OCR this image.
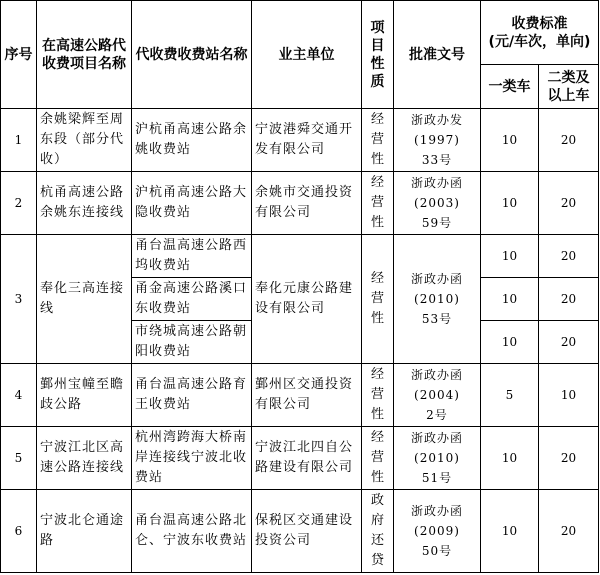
序号	在高速公路代收费项目名称	代收费收费站名称	业主单位	项目性质	批准文号	收费标准
(元/车次，单向)	
						一类车	二类及以上车
1	余姚梁辉至周东段（部分代收）	沪杭甬高速公路余姚收费站	宁波港舜交通开发有限公司	经营性	浙政办发
(1997)
33号	10	20
2	杭甬高速公路余姚东连接线	沪杭甬高速公路大隐收费站	余姚市交通投资有限公司	经营性	浙政办函
(2003)
59号	10	20
3	奉化三高连接线	甬台温高速公路西坞收费站	奉化元康公路建设有限公司	经营性	浙政办函
(2010)
53号	10	20
		甬金高速公路溪口东收费站				10	20
		市绕城高速公路朝阳收费站				10	20
4	鄞州宝幢至瞻歧公路	甬台温高速公路育王收费站	鄞州区交通投资有限公司	经营性	浙政办函
(2004)
2号	5	10
5	宁波江北区高速公路连接线	杭州湾跨海大桥南岸连接线宁波北收费站	宁波江北四自公路建设有限公司	经营性	浙政办函
(2010)
51号	10	20
6	宁波北仑通途路	甬台温高速公路北仑、宁波东收费站	保税区交通建设投资公司	政府还贷	浙政办函
(2009)
50号	10	20
